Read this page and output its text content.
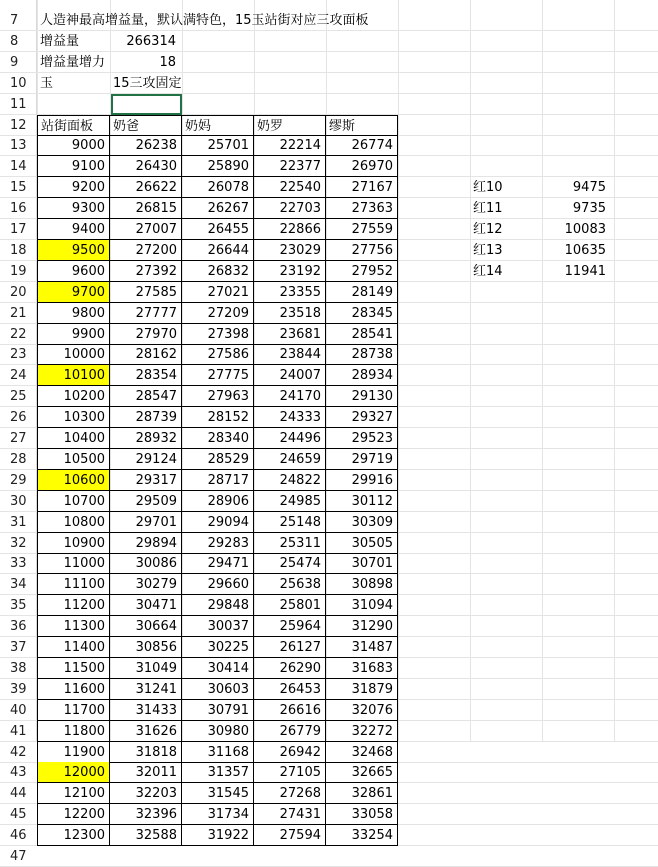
7	人造神最高增益量，默认满特色，15玉站街对应三攻面板
8	增益量	266314
9	增益量增力	18
10	玉	15三攻固定
11
12	站街面板	奶爸	奶妈	奶罗	缪斯
13	9000	26238	25701	22214	26774
14	9100	26430	25890	22377	26970
15	9200	26622	26078	22540	27167	红10	9475
16	9300	26815	26267	22703	27363	红11	9735
17	9400	27007	26455	22866	27559	红12	10083
18	9500	27200	26644	23029	27756	红13	10635
19	9600	27392	26832	23192	27952	红14	11941
20	9700	27585	27021	23355	28149
21	9800	27777	27209	23518	28345
22	9900	27970	27398	23681	28541
23	10000	28162	27586	23844	28738
24	10100	28354	27775	24007	28934
25	10200	28547	27963	24170	29130
26	10300	28739	28152	24333	29327
27	10400	28932	28340	24496	29523
28	10500	29124	28529	24659	29719
29	10600	29317	28717	24822	29916
30	10700	29509	28906	24985	30112
31	10800	29701	29094	25148	30309
32	10900	29894	29283	25311	30505
33	11000	30086	29471	25474	30701
34	11100	30279	29660	25638	30898
35	11200	30471	29848	25801	31094
36	11300	30664	30037	25964	31290
37	11400	30856	30225	26127	31487
38	11500	31049	30414	26290	31683
39	11600	31241	30603	26453	31879
40	11700	31433	30791	26616	32076
41	11800	31626	30980	26779	32272
42	11900	31818	31168	26942	32468
43	12000	32011	31357	27105	32665
44	12100	32203	31545	27268	32861
45	12200	32396	31734	27431	33058
46	12300	32588	31922	27594	33254
47
